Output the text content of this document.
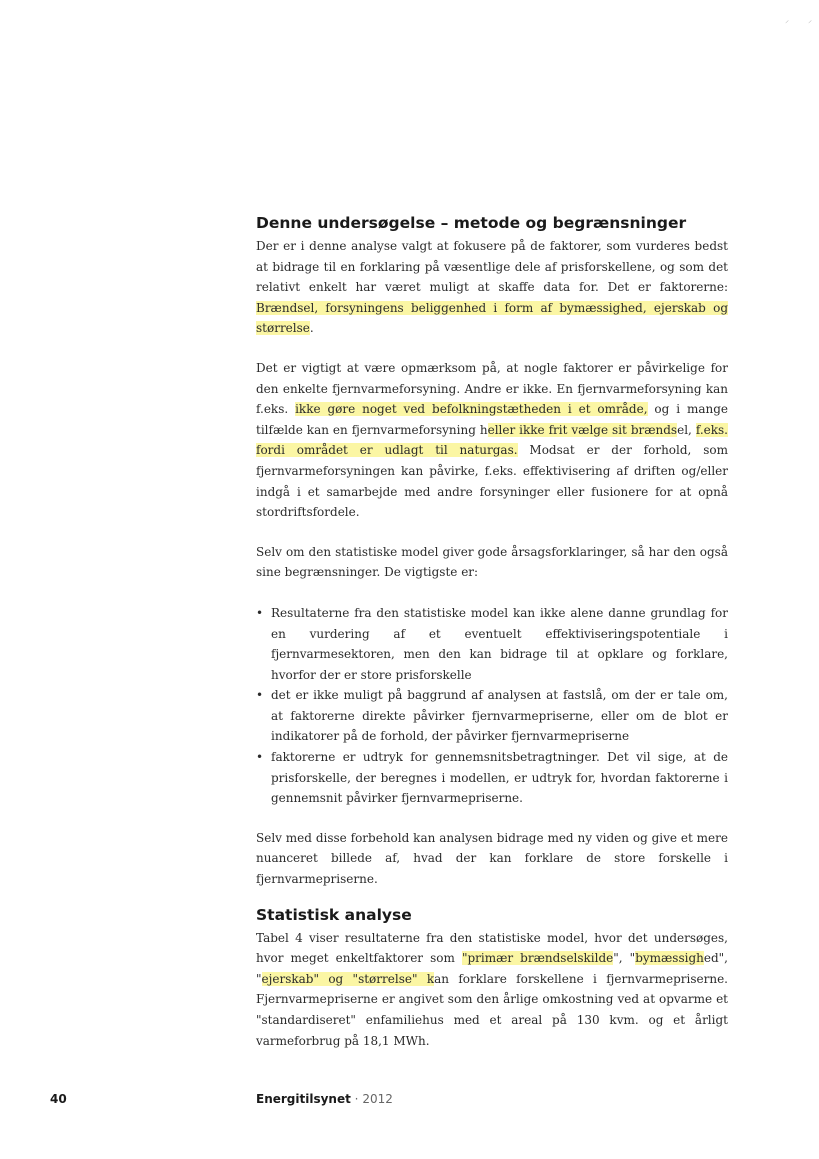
⸍ ⸍
Denne undersøgelse – metode og begrænsninger

Der er i denne analyse valgt at fokusere på de faktorer, som vurderes bedst at bidrage til en forklaring på væsentlige dele af prisforskellene, og som det relativt enkelt har været muligt at skaffe data for. Det er faktorerne: Brændsel, forsyningens beliggenhed i form af bymæssighed, ejerskab og størrelse.

Det er vigtigt at være opmærksom på, at nogle faktorer er påvirkelige for den enkelte fjernvarmeforsyning. Andre er ikke. En fjernvarmeforsyning kan f.eks. ikke gøre noget ved befolkningstætheden i et område, og i mange tilfælde kan en fjernvarmeforsyning heller ikke frit vælge sit brændsel, f.eks. fordi området er udlagt til naturgas. Modsat er der forhold, som fjernvarmeforsyningen kan påvirke, f.eks. effektivisering af driften og/eller indgå i et samarbejde med andre forsyninger eller fusionere for at opnå stordriftsfordele.

Selv om den statistiske model giver gode årsagsforklaringer, så har den også sine begrænsninger. De vigtigste er:

• Resultaterne fra den statistiske model kan ikke alene danne grundlag for en vurdering af et eventuelt effektiviseringspotentiale i fjernvarmesektoren, men den kan bidrage til at opklare og forklare, hvorfor der er store prisforskelle
• det er ikke muligt på baggrund af analysen at fastslå, om der er tale om, at faktorerne direkte påvirker fjernvarmepriserne, eller om de blot er indikatorer på de forhold, der påvirker fjernvarmepriserne
• faktorerne er udtryk for gennemsnitsbetragtninger. Det vil sige, at de prisforskelle, der beregnes i modellen, er udtryk for, hvordan faktorerne i gennemsnit påvirker fjernvarmepriserne.

Selv med disse forbehold kan analysen bidrage med ny viden og give et mere nuanceret billede af, hvad der kan forklare de store forskelle i fjernvarmepriserne.

Statistisk analyse

Tabel 4 viser resultaterne fra den statistiske model, hvor det undersøges, hvor meget enkeltfaktorer som "primær brændselskilde", "bymæssighed", "ejerskab" og "størrelse" kan forklare forskellene i fjernvarmepriserne. Fjernvarmepriserne er angivet som den årlige omkostning ved at opvarme et "standardiseret" enfamiliehus med et areal på 130 kvm. og et årligt varmeforbrug på 18,1 MWh.

40	Energitilsynet · 2012
